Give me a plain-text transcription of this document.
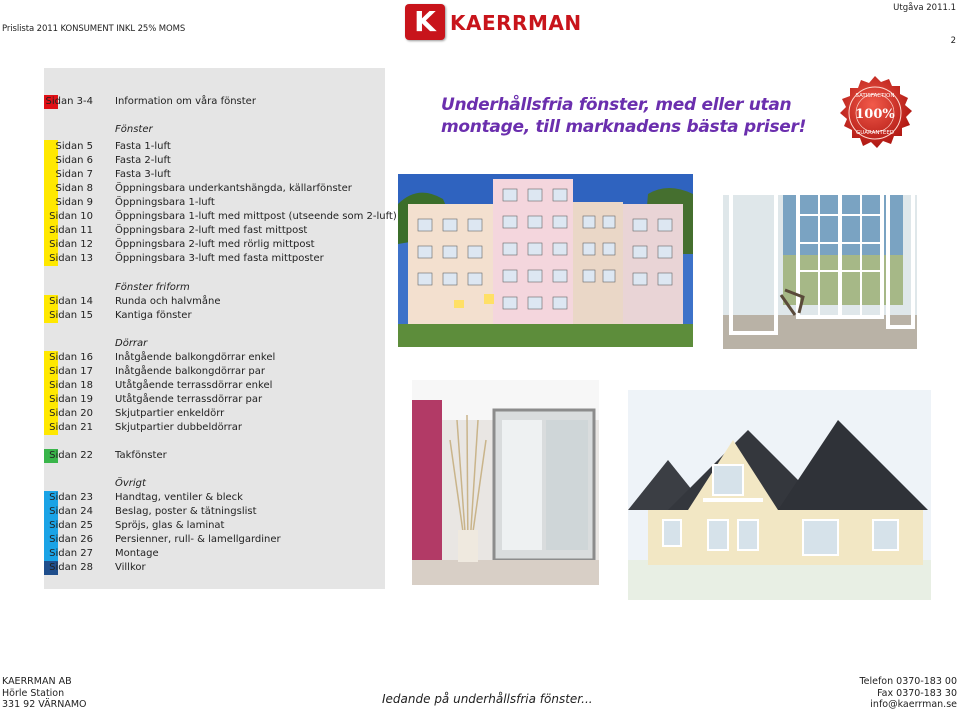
Prislista 2011 KONSUMENT INKL 25% MOMS
Utgåva 2011.1
2
K KAERRMAN
Sidan 3-4 Information om våra fönster
Fönster
Sidan 5 Fasta 1-luft
Sidan 6 Fasta 2-luft
Sidan 7 Fasta 3-luft
Sidan 8 Öppningsbara underkantshängda, källarfönster
Sidan 9 Öppningsbara 1-luft
Sidan 10 Öppningsbara 1-luft med mittpost (utseende som 2-luft)
Sidan 11 Öppningsbara 2-luft med fast mittpost
Sidan 12 Öppningsbara 2-luft med rörlig mittpost
Sidan 13 Öppningsbara 3-luft med fasta mittposter
Fönster friform
Sidan 14 Runda och halvmåne
Sidan 15 Kantiga fönster
Dörrar
Sidan 16 Inåtgående balkongdörrar enkel
Sidan 17 Inåtgående balkongdörrar par
Sidan 18 Utåtgående terrassdörrar enkel
Sidan 19 Utåtgående terrassdörrar par
Sidan 20 Skjutpartier enkeldörr
Sidan 21 Skjutpartier dubbeldörrar
Sidan 22 Takfönster
Övrigt
Sidan 23 Handtag, ventiler & bleck
Sidan 24 Beslag, poster & tätningslist
Sidan 25 Spröjs, glas & laminat
Sidan 26 Persienner, rull- & lamellgardiner
Sidan 27 Montage
Sidan 28 Villkor
Underhållsfria fönster, med eller utan
montage, till marknadens bästa priser!
100%
SATISFACTION
GUARANTEED
KAERRMAN AB
Hörle Station
331 92 VÄRNAMO
Telefon 0370-183 00
Fax 0370-183 30
info@kaerrman.se
Iedande på underhållsfria fönster...
